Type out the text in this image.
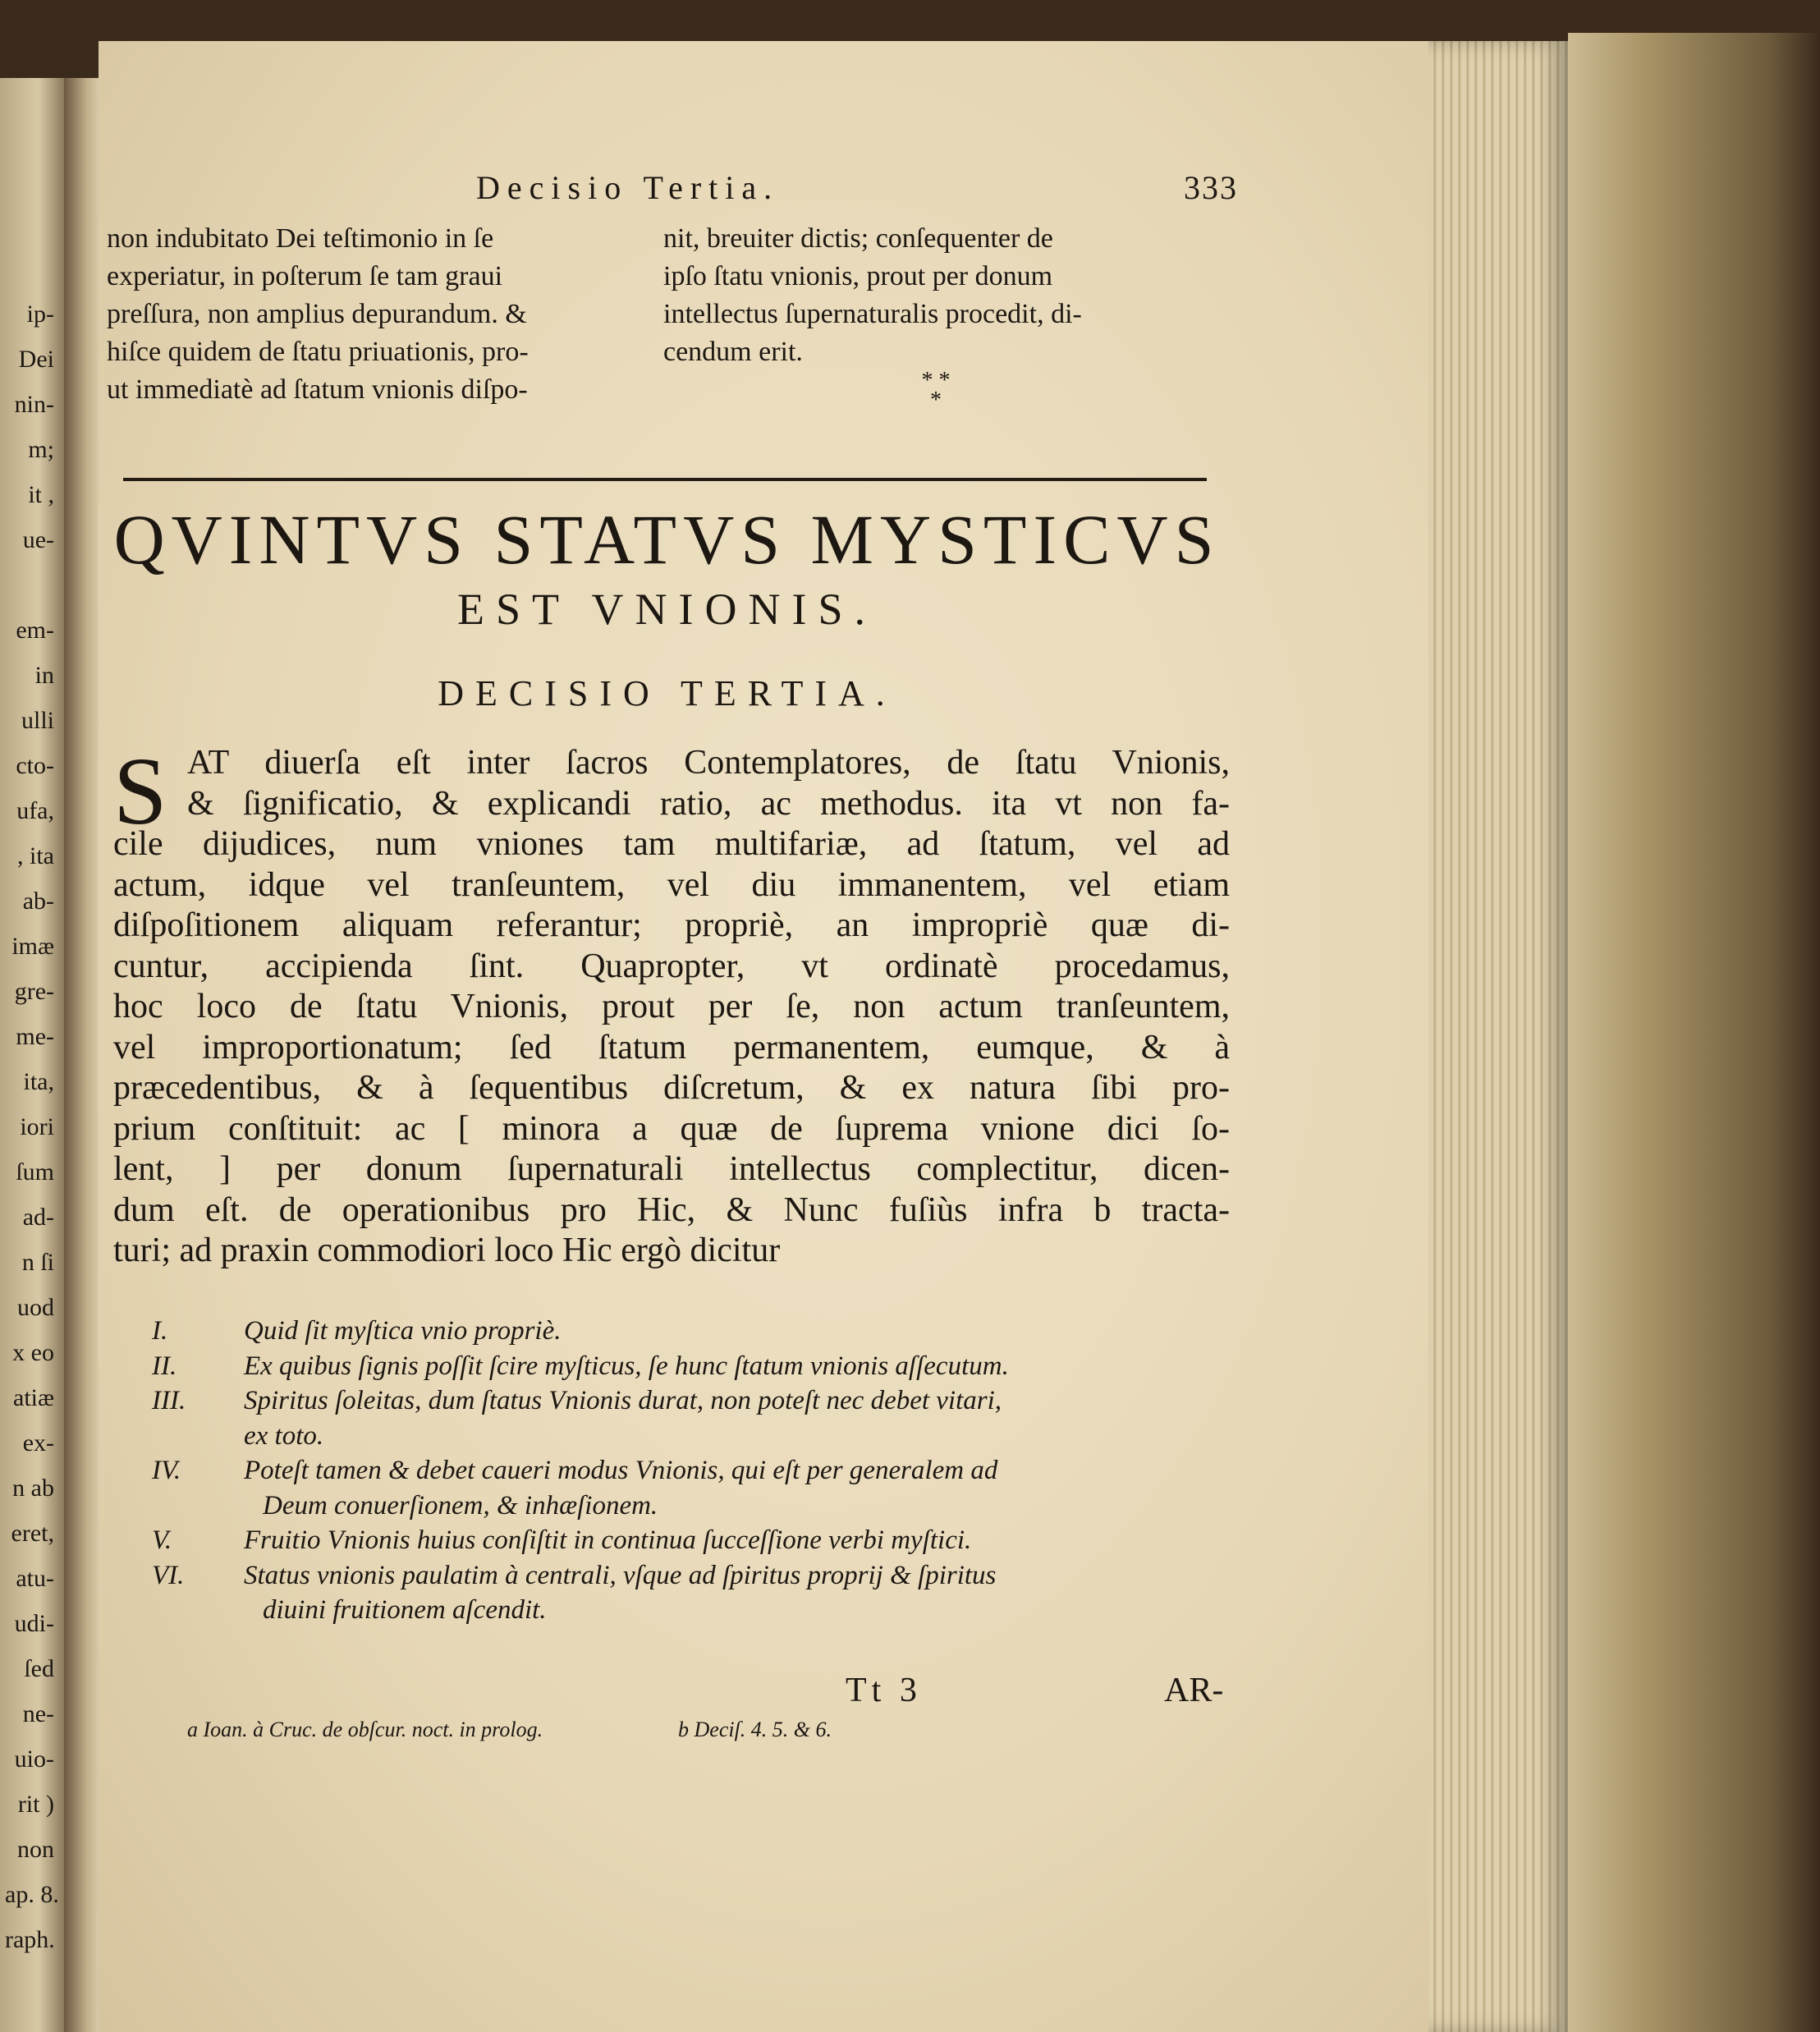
ip-
Dei
nin-
m;
it ,
ue-
em-
in
ulli
cto-
ufa,
, ita
ab-
imæ
gre-
me-
ita,
iori
ſum
ad-
n ſi
uod
x eo
atiæ
ex-
n ab
eret,
atu-
udi-
ſed
ne-
uio-
rit )
non
ap. 8.
raph.
Decisio Tertia.	333
non indubitato Dei teſtimonio in ſe
experiatur, in poſterum ſe tam graui
preſſura, non amplius depurandum. &
hiſce quidem de ſtatu priuationis, pro-
ut immediatè ad ſtatum vnionis diſpo-
nit, breuiter dictis; conſequenter de
ipſo ſtatu vnionis, prout per donum
intellectus ſupernaturalis procedit, di-
cendum erit.
* *
*
QVINTVS STATVS MYSTICVS
EST VNIONIS.
DECISIO TERTIA.
S AT diuerſa eſt inter ſacros Contemplatores, de ſtatu Vnionis,
& ſignificatio, & explicandi ratio, ac methodus. ita vt non fa-
cile dijudices, num vniones tam multifariæ, ad ſtatum, vel ad
actum, idque vel tranſeuntem, vel diu immanentem, vel etiam
diſpoſitionem aliquam referantur; propriè, an impropriè quæ di-
cuntur, accipienda ſint. Quapropter, vt ordinatè procedamus,
hoc loco de ſtatu Vnionis, prout per ſe, non actum tranſeuntem,
vel improportionatum; ſed ſtatum permanentem, eumque, & à
præcedentibus, & à ſequentibus diſcretum, & ex natura ſibi pro-
prium conſtituit: ac [ minora a quæ de ſuprema vnione dici ſo-
lent, ] per donum ſupernaturali intellectus complectitur, dicen-
dum eſt. de operationibus pro Hic, & Nunc fuſiùs infra b tracta-
turi; ad praxin commodiori loco Hic ergò dicitur
I.	Quid ſit myſtica vnio propriè.
II.	Ex quibus ſignis poſſit ſcire myſticus, ſe hunc ſtatum vnionis aſſecutum.
III.	Spiritus ſoleitas, dum ſtatus Vnionis durat, non poteſt nec debet vitari,
ex toto.
IV.	Poteſt tamen & debet caueri modus Vnionis, qui eſt per generalem ad
Deum conuerſionem, & inhæſionem.
V.	Fruitio Vnionis huius conſiſtit in continua ſucceſſione verbi myſtici.
VI.	Status vnionis paulatim à centrali, vſque ad ſpiritus proprij & ſpiritus
diuini fruitionem aſcendit.
Tt 3	AR-
a Ioan. à Cruc. de obſcur. noct. in prolog.	b Deciſ. 4. 5. & 6.
